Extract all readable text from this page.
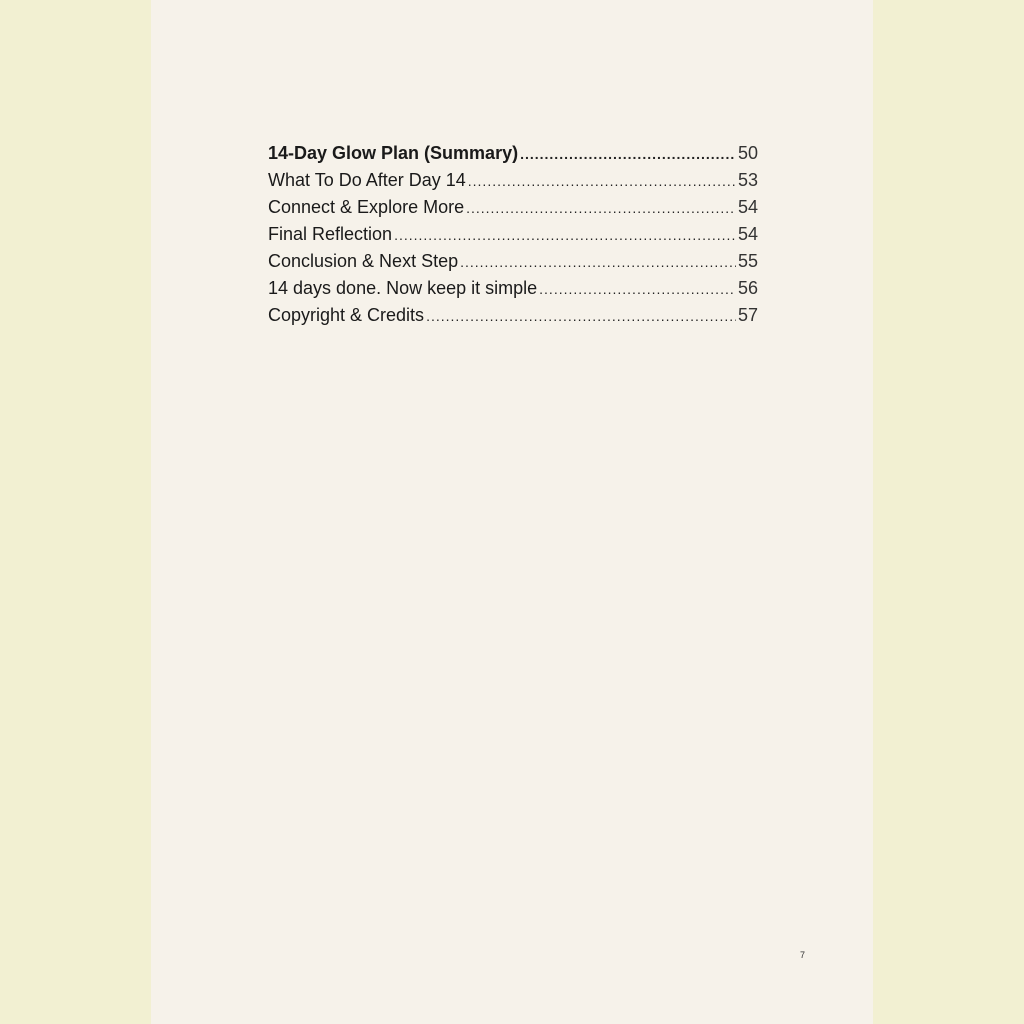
14-Day Glow Plan (Summary) .....	50
What To Do After Day 14 .....	53
Connect & Explore More .....	54
Final Reflection .....	54
Conclusion & Next Step .....	55
14 days done. Now keep it simple .....	56
Copyright & Credits .....	57
7
